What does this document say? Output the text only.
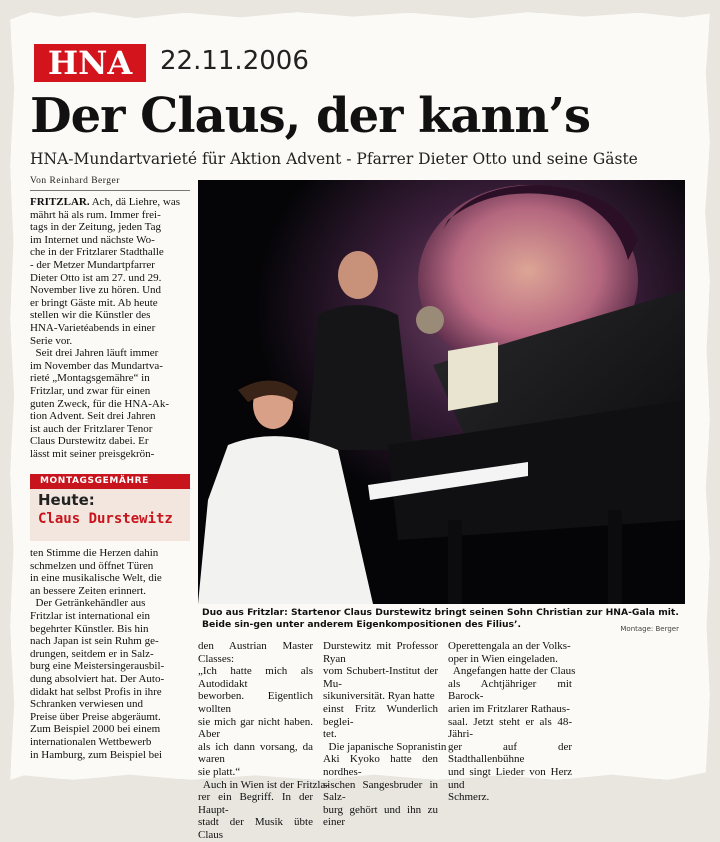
HNA	22.11.2006
Der Claus, der kann’s
HNA-Mundartvarieté für Aktion Advent - Pfarrer Dieter Otto und seine Gäste
Von Reinhard Berger
FRITZLAR. Ach, dä Liehre, was
mährt hä als rum. Immer frei-
tags in der Zeitung, jeden Tag
im Internet und nächste Wo-
che in der Fritzlarer Stadthalle
- der Metzer Mundartpfarrer
Dieter Otto ist am 27. und 29.
November live zu hören. Und
er bringt Gäste mit. Ab heute
stellen wir die Künstler des
HNA-Varietéabends in einer
Serie vor.
Seit drei Jahren läuft immer
im November das Mundartva-
rieté „Montagsgemähre“ in
Fritzlar, und zwar für einen
guten Zweck, für die HNA-Ak-
tion Advent. Seit drei Jahren
ist auch der Fritzlarer Tenor
Claus Durstewitz dabei. Er
lässt mit seiner preisgekrön-
MONTAGSGEMÄHRE
Heute:
Claus Durstewitz
ten Stimme die Herzen dahin
schmelzen und öffnet Türen
in eine musikalische Welt, die
an bessere Zeiten erinnert.
Der Getränkehändler aus
Fritzlar ist international ein
begehrter Künstler. Bis hin
nach Japan ist sein Ruhm ge-
drungen, seitdem er in Salz-
burg eine Meistersingerausbil-
dung absolviert hat. Der Auto-
didakt hat selbst Profis in ihre
Schranken verwiesen und
Preise über Preise abgeräumt.
Zum Beispiel 2000 bei einem
internationalen Wettbewerb
in Hamburg, zum Beispiel bei
Duo aus Fritzlar: Startenor Claus Durstewitz bringt seinen Sohn Christian zur HNA-Gala mit. Beide sin-gen unter anderem Eigenkompositionen des Filius’.	Montage: Berger
den Austrian Master Classes:
„Ich hatte mich als Autodidakt
beworben. Eigentlich wollten
sie mich gar nicht haben. Aber
als ich dann vorsang, da waren
sie platt.“
Auch in Wien ist der Fritzla-
rer ein Begriff. In der Haupt-
stadt der Musik übte Claus
Durstewitz mit Professor Ryan
vom Schubert-Institut der Mu-
sikuniversität. Ryan hatte
einst Fritz Wunderlich beglei-
tet.
Die japanische Sopranistin
Aki Kyoko hatte den nordhes-
sischen Sangesbruder in Salz-
burg gehört und ihn zu einer
Operettengala an der Volks-
oper in Wien eingeladen.
Angefangen hatte der Claus
als Achtjähriger mit Barock-
arien im Fritzlarer Rathaus-
saal. Jetzt steht er als 48-Jähri-
ger auf der Stadthallenbühne
und singt Lieder von Herz und
Schmerz.
